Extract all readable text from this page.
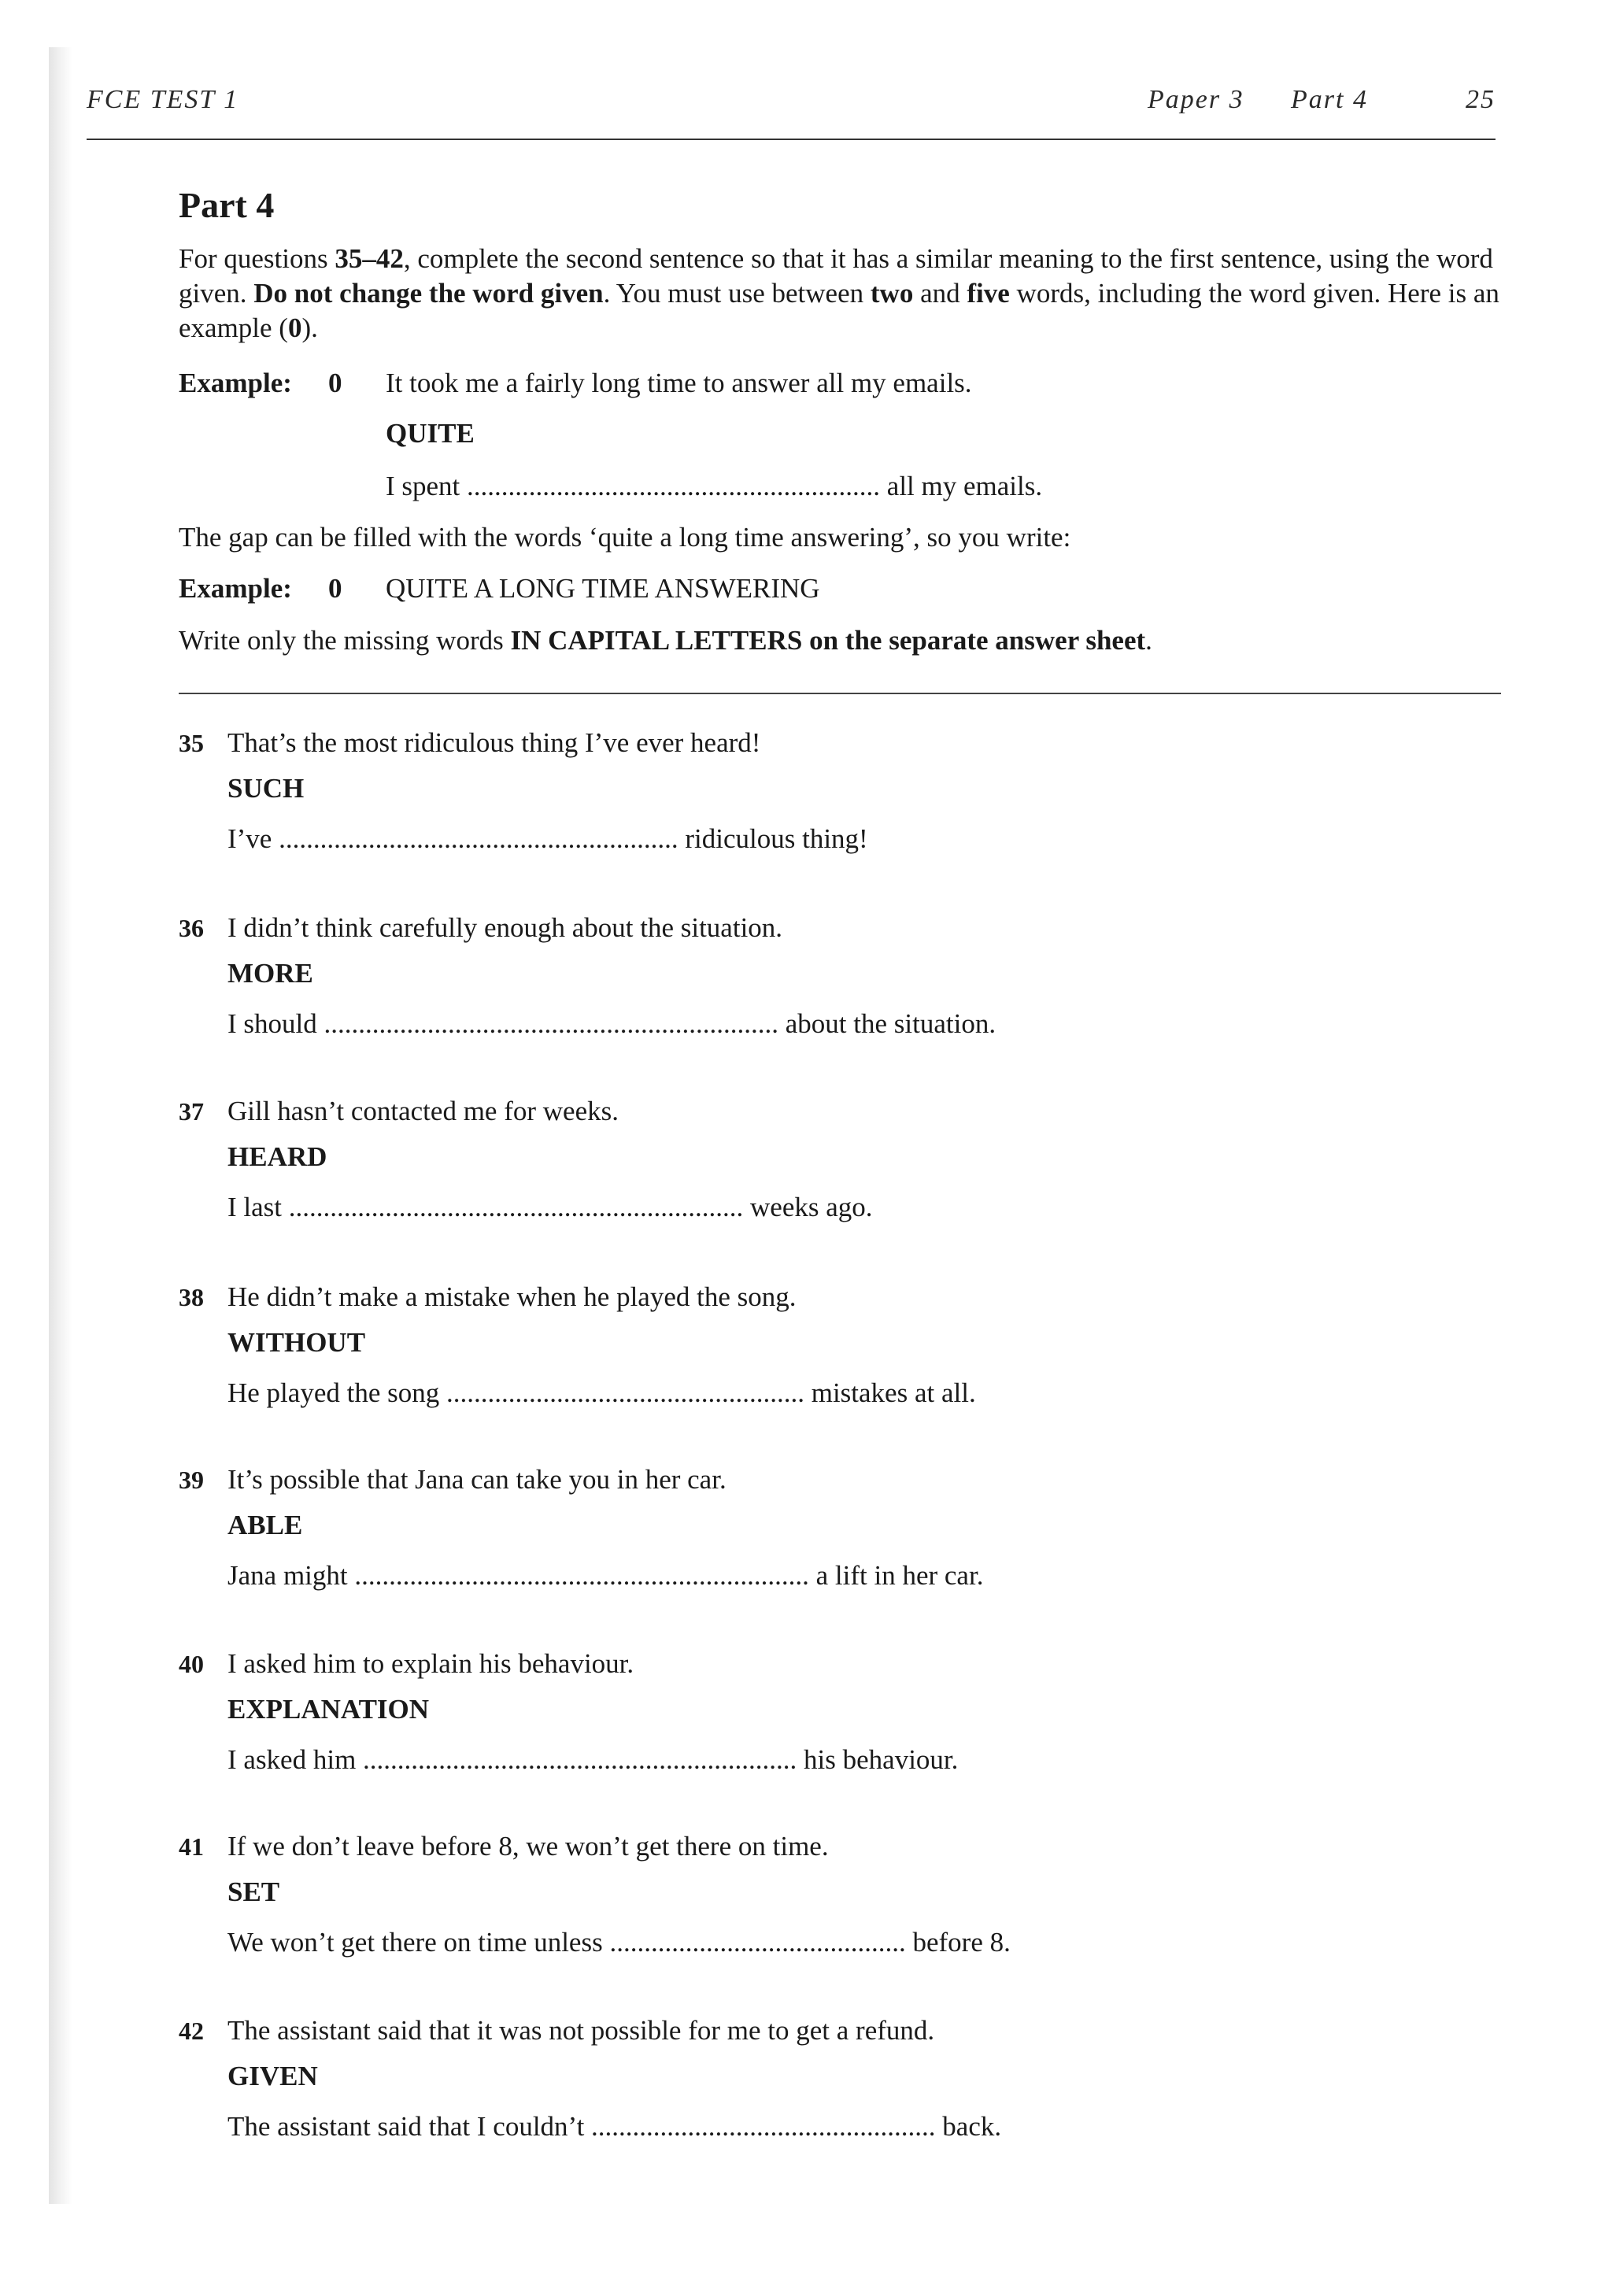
FCE TEST 1	Paper 3 Part 4	25
Part 4

For questions 35–42, complete the second sentence so that it has a similar meaning to the first sentence, using the word given. Do not change the word given. You must use between two and five words, including the word given. Here is an example (0).

Example: 0 It took me a fairly long time to answer all my emails.
QUITE
I spent ............................................................ all my emails.
The gap can be filled with the words ‘quite a long time answering’, so you write:
Example: 0 QUITE A LONG TIME ANSWERING
Write only the missing words IN CAPITAL LETTERS on the separate answer sheet.
35 That’s the most ridiculous thing I’ve ever heard!
SUCH
I’ve .......................................................... ridiculous thing!
36 I didn’t think carefully enough about the situation.
MORE
I should .................................................................. about the situation.
37 Gill hasn’t contacted me for weeks.
HEARD
I last .................................................................. weeks ago.
38 He didn’t make a mistake when he played the song.
WITHOUT
He played the song .................................................... mistakes at all.
39 It’s possible that Jana can take you in her car.
ABLE
Jana might .................................................................. a lift in her car.
40 I asked him to explain his behaviour.
EXPLANATION
I asked him ............................................................... his behaviour.
41 If we don’t leave before 8, we won’t get there on time.
SET
We won’t get there on time unless ........................................... before 8.
42 The assistant said that it was not possible for me to get a refund.
GIVEN
The assistant said that I couldn’t .................................................. back.
